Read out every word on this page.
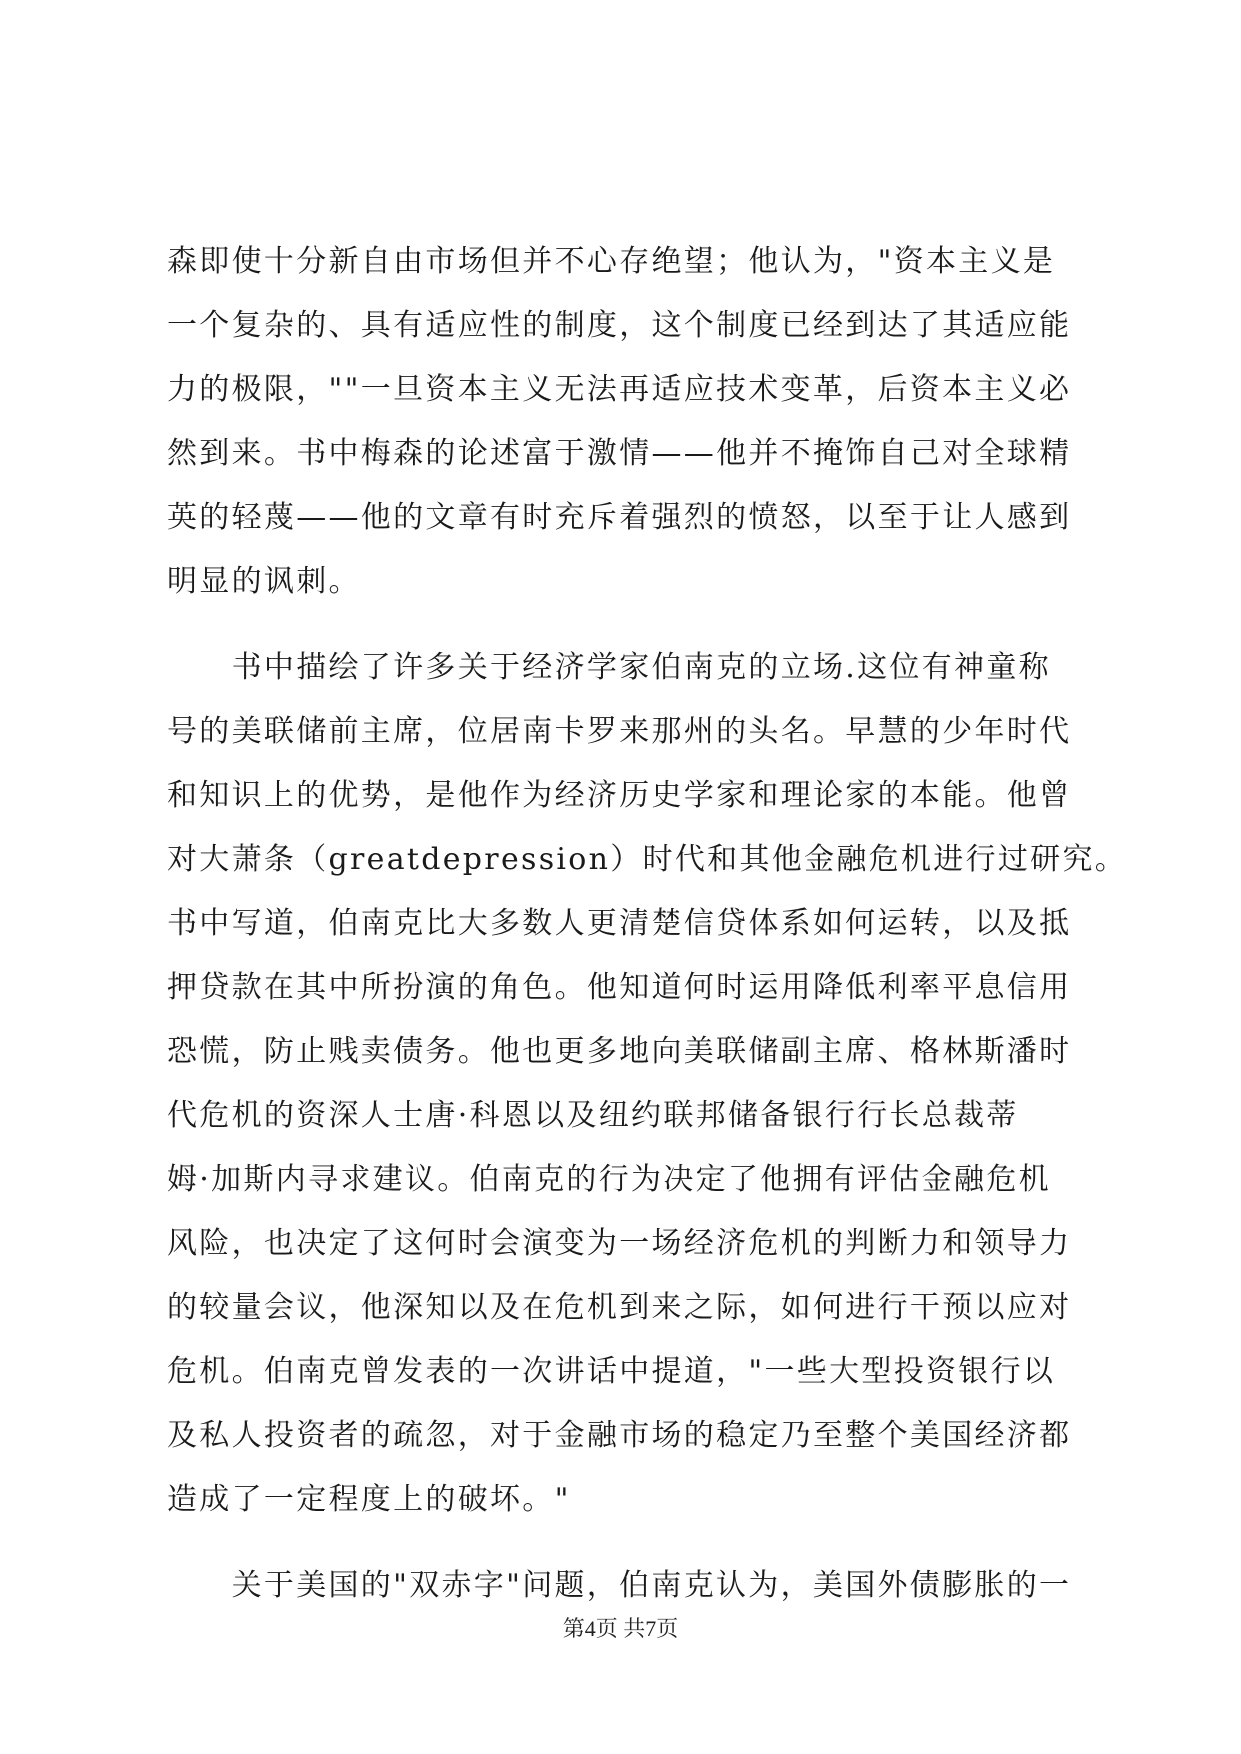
森即使十分新自由市场但并不心存绝望；他认为，"资本主义是
一个复杂的、具有适应性的制度，这个制度已经到达了其适应能
力的极限，""一旦资本主义无法再适应技术变革，后资本主义必
然到来。书中梅森的论述富于激情——他并不掩饰自己对全球精
英的轻蔑——他的文章有时充斥着强烈的愤怒，以至于让人感到
明显的讽刺。
　　书中描绘了许多关于经济学家伯南克的立场.这位有神童称
号的美联储前主席，位居南卡罗来那州的头名。早慧的少年时代
和知识上的优势，是他作为经济历史学家和理论家的本能。他曾
对大萧条（greatdepression）时代和其他金融危机进行过研究。
书中写道，伯南克比大多数人更清楚信贷体系如何运转，以及抵
押贷款在其中所扮演的角色。他知道何时运用降低利率平息信用
恐慌，防止贱卖债务。他也更多地向美联储副主席、格林斯潘时
代危机的资深人士唐·科恩以及纽约联邦储备银行行长总裁蒂
姆·加斯内寻求建议。伯南克的行为决定了他拥有评估金融危机
风险，也决定了这何时会演变为一场经济危机的判断力和领导力
的较量会议，他深知以及在危机到来之际，如何进行干预以应对
危机。伯南克曾发表的一次讲话中提道，"一些大型投资银行以
及私人投资者的疏忽，对于金融市场的稳定乃至整个美国经济都
造成了一定程度上的破坏。"
　　关于美国的"双赤字"问题，伯南克认为，美国外债膨胀的一
第4页 共7页
